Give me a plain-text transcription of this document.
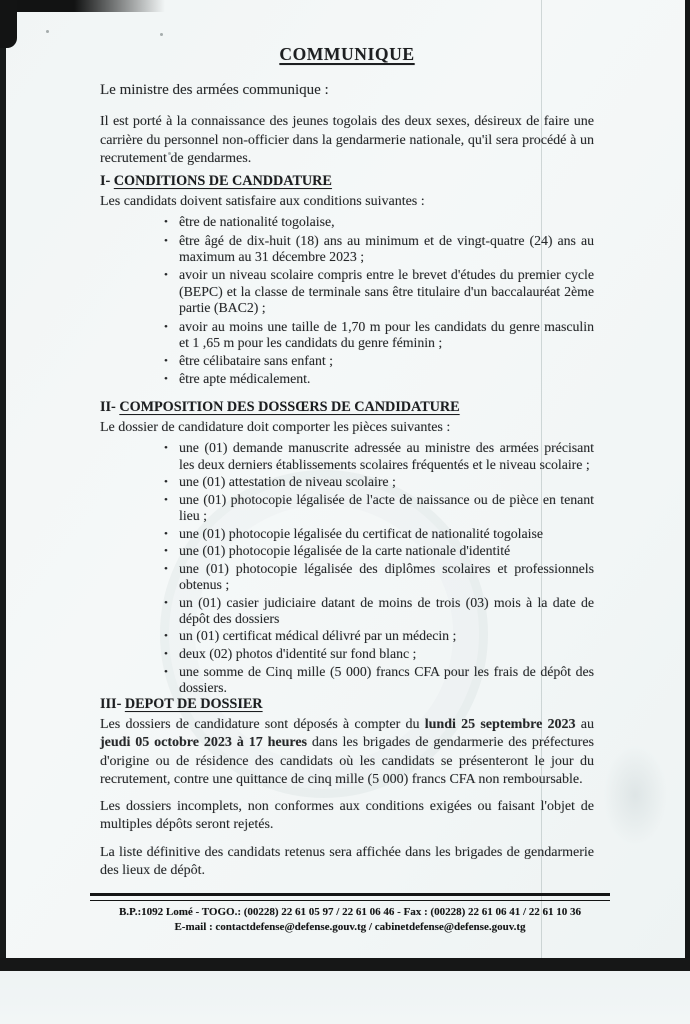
COMMUNIQUE
Le ministre des armées communique :
Il est porté à la connaissance des jeunes togolais des deux sexes, désireux de faire une carrière du personnel non-officier dans la gendarmerie nationale, qu'il sera procédé à un recrutement de gendarmes.
I- CONDITIONS DE CANDDATURE
Les candidats doivent satisfaire aux conditions suivantes :
• être de nationalité togolaise,
• être âgé de dix-huit (18) ans au minimum et de vingt-quatre (24) ans au maximum au 31 décembre 2023 ;
• avoir un niveau scolaire compris entre le brevet d'études du premier cycle (BEPC) et la classe de terminale sans être titulaire d'un baccalauréat 2ème partie (BAC2) ;
• avoir au moins une taille de 1,70 m pour les candidats du genre masculin et 1 ,65 m pour les candidats du genre féminin ;
• être célibataire sans enfant ;
• être apte médicalement.
II- COMPOSITION DES DOSSŒRS DE CANDIDATURE
Le dossier de candidature doit comporter les pièces suivantes :
• une (01) demande manuscrite adressée au ministre des armées précisant les deux derniers établissements scolaires fréquentés et le niveau scolaire ;
• une (01) attestation de niveau scolaire ;
• une (01) photocopie légalisée de l'acte de naissance ou de pièce en tenant lieu ;
• une (01) photocopie légalisée du certificat de nationalité togolaise
• une (01) photocopie légalisée de la carte nationale d'identité
• une (01) photocopie légalisée des diplômes scolaires et professionnels obtenus ;
• un (01) casier judiciaire datant de moins de trois (03) mois à la date de dépôt des dossiers
• un (01) certificat médical délivré par un médecin ;
• deux (02) photos d'identité sur fond blanc ;
• une somme de Cinq mille (5 000) francs CFA pour les frais de dépôt des dossiers.
III- DEPOT DE DOSSIER
Les dossiers de candidature sont déposés à compter du lundi 25 septembre 2023 au jeudi 05 octobre 2023 à 17 heures dans les brigades de gendarmerie des préfectures d'origine ou de résidence des candidats où les candidats se présenteront le jour du recrutement, contre une quittance de cinq mille (5 000) francs CFA non remboursable.
Les dossiers incomplets, non conformes aux conditions exigées ou faisant l'objet de multiples dépôts seront rejetés.
La liste définitive des candidats retenus sera affichée dans les brigades de gendarmerie des lieux de dépôt.
B.P.:1092 Lomé - TOGO.: (00228) 22 61 05 97 / 22 61 06 46 - Fax : (00228) 22 61 06 41 / 22 61 10 36
E-mail : contactdefense@defense.gouv.tg / cabinetdefense@defense.gouv.tg
